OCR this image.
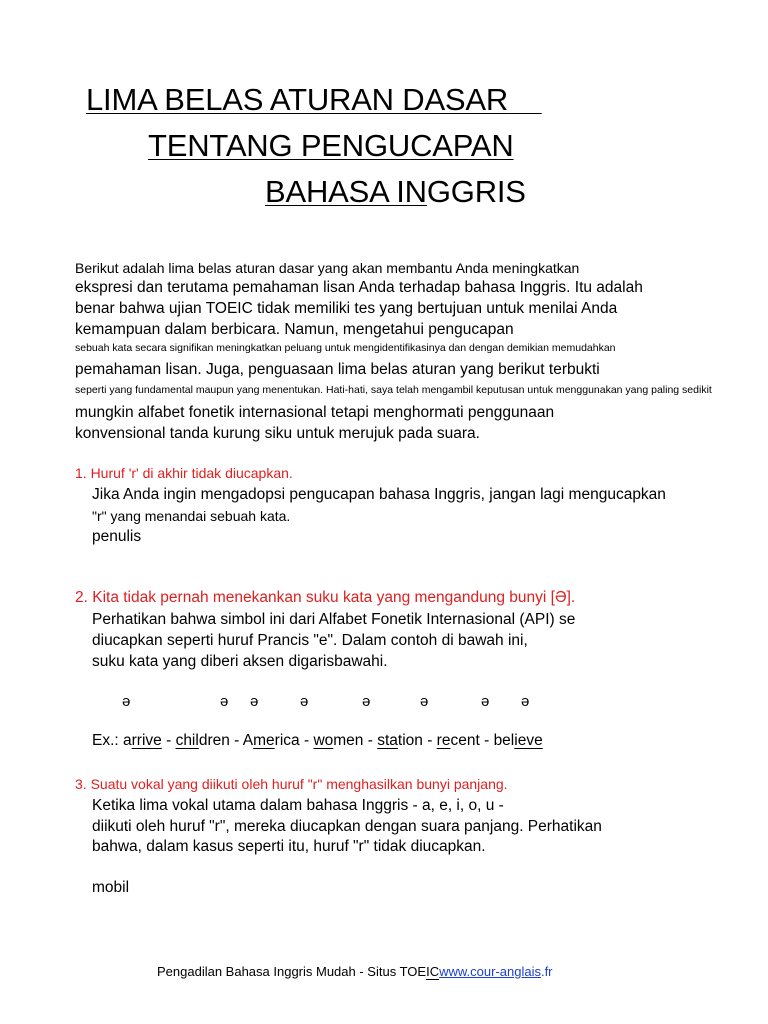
LIMA BELAS ATURAN DASAR
TENTANG PENGUCAPAN
BAHASA INGGRIS
Berikut adalah lima belas aturan dasar yang akan membantu Anda meningkatkan
ekspresi dan terutama pemahaman lisan Anda terhadap bahasa Inggris. Itu adalah
benar bahwa ujian TOEIC tidak memiliki tes yang bertujuan untuk menilai Anda
kemampuan dalam berbicara. Namun, mengetahui pengucapan
sebuah kata secara signifikan meningkatkan peluang untuk mengidentifikasinya dan dengan demikian memudahkan
pemahaman lisan. Juga, penguasaan lima belas aturan yang berikut terbukti
seperti yang fundamental maupun yang menentukan. Hati-hati, saya telah mengambil keputusan untuk menggunakan yang paling sedikit
mungkin alfabet fonetik internasional tetapi menghormati penggunaan
konvensional tanda kurung siku untuk merujuk pada suara.
1. Huruf 'r' di akhir tidak diucapkan.
Jika Anda ingin mengadopsi pengucapan bahasa Inggris, jangan lagi mengucapkan
"r" yang menandai sebuah kata.
penulis
2. Kita tidak pernah menekankan suku kata yang mengandung bunyi [Ə].
Perhatikan bahwa simbol ini dari Alfabet Fonetik Internasional (API) se
diucapkan seperti huruf Prancis "e". Dalam contoh di bawah ini,
suku kata yang diberi aksen digarisbawahi.
ə	ə ə	ə	ə	ə	ə ə

Ex.: arrive - children - America - women - station - recent - believe

3. Suatu vokal yang diikuti oleh huruf "r" menghasilkan bunyi panjang.
Ketika lima vokal utama dalam bahasa Inggris - a, e, i, o, u -
diikuti oleh huruf "r", mereka diucapkan dengan suara panjang. Perhatikan
bahwa, dalam kasus seperti itu, huruf "r" tidak diucapkan.
mobil
Pengadilan Bahasa Inggris Mudah - Situs TOEICwww.cour-anglais.fr
